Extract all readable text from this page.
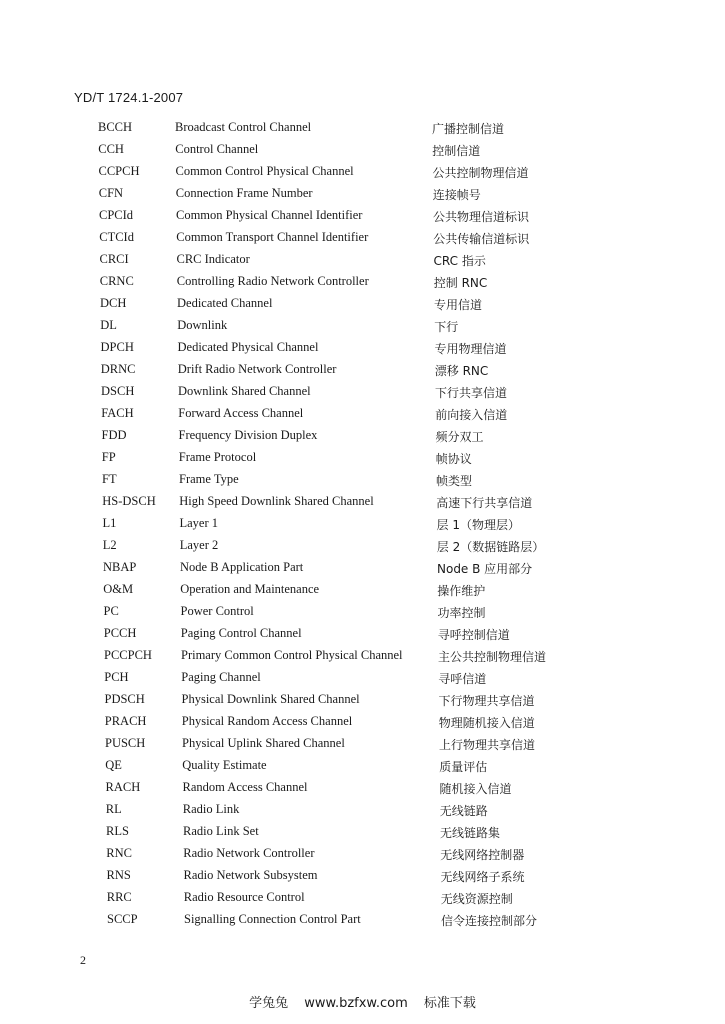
YD/T 1724.1-2007
BCCH	Broadcast Control Channel	广播控制信道
CCH	Control Channel	控制信道
CCPCH	Common Control Physical Channel	公共控制物理信道
CFN	Connection Frame Number	连接帧号
CPCId	Common Physical Channel Identifier	公共物理信道标识
CTCId	Common Transport Channel Identifier	公共传输信道标识
CRCI	CRC Indicator	CRC 指示
CRNC	Controlling Radio Network Controller	控制 RNC
DCH	Dedicated Channel	专用信道
DL	Downlink	下行
DPCH	Dedicated Physical Channel	专用物理信道
DRNC	Drift Radio Network Controller	漂移 RNC
DSCH	Downlink Shared Channel	下行共享信道
FACH	Forward Access Channel	前向接入信道
FDD	Frequency Division Duplex	频分双工
FP	Frame Protocol	帧协议
FT	Frame Type	帧类型
HS-DSCH High Speed Downlink Shared Channel	高速下行共享信道
L1	Layer 1	层 1（物理层）
L2	Layer 2	层 2（数据链路层）
NBAP	Node B Application Part	Node B 应用部分
O&M	Operation and Maintenance	操作维护
PC	Power Control	功率控制
PCCH	Paging Control Channel	寻呼控制信道
PCCPCH Primary Common Control Physical Channel	主公共控制物理信道
PCH	Paging Channel	寻呼信道
PDSCH	Physical Downlink Shared Channel	下行物理共享信道
PRACH	Physical Random Access Channel	物理随机接入信道
PUSCH	Physical Uplink Shared Channel	上行物理共享信道
QE	Quality Estimate	质量评估
RACH	Random Access Channel	随机接入信道
RL	Radio Link	无线链路
RLS	Radio Link Set	无线链路集
RNC	Radio Network Controller	无线网络控制器
RNS	Radio Network Subsystem	无线网络子系统
RRC	Radio Resource Control	无线资源控制
SCCP	Signalling Connection Control Part	信令连接控制部分
2
学兔兔 www.bzfxw.com 标准下载
